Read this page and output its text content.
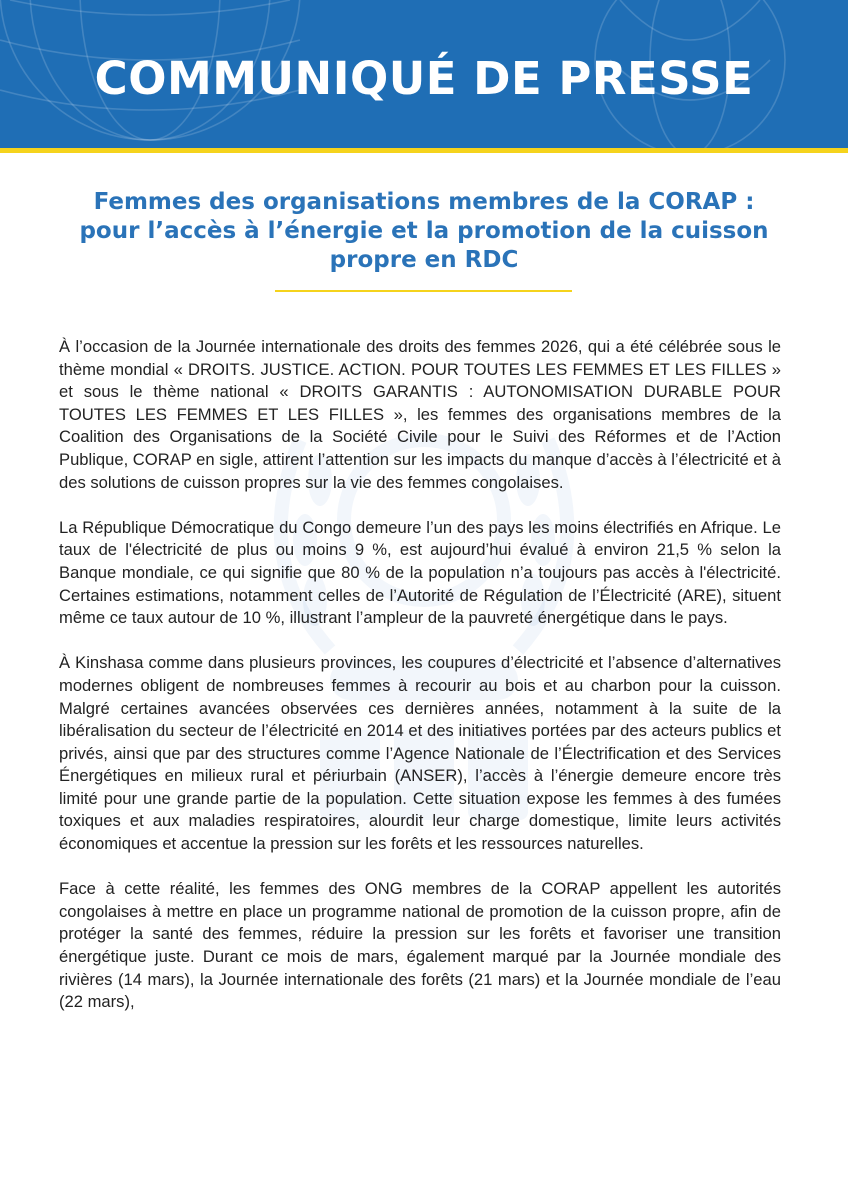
COMMUNIQUÉ DE PRESSE
Femmes des organisations membres de la CORAP :
pour l’accès à l’énergie et la promotion de la cuisson
propre en RDC

À l’occasion de la Journée internationale des droits des femmes 2026, qui a été célébrée sous le thème mondial « DROITS. JUSTICE. ACTION. POUR TOUTES LES FEMMES ET LES FILLES » et sous le thème national « DROITS GARANTIS : AUTONOMISATION DURABLE POUR TOUTES LES FEMMES ET LES FILLES », les femmes des organisations membres de la Coalition des Organisations de la Société Civile pour le Suivi des Réformes et de l’Action Publique, CORAP en sigle, attirent l’attention sur les impacts du manque d’accès à l’électricité et à des solutions de cuisson propres sur la vie des femmes congolaises.

La République Démocratique du Congo demeure l’un des pays les moins électrifiés en Afrique. Le taux de l'électricité de plus ou moins 9 %, est aujourd’hui évalué à environ 21,5 % selon la Banque mondiale, ce qui signifie que 80 % de la population n’a toujours pas accès à l'électricité. Certaines estimations, notamment celles de l’Autorité de Régulation de l’Électricité (ARE), situent même ce taux autour de 10 %, illustrant l’ampleur de la pauvreté énergétique dans le pays.

À Kinshasa comme dans plusieurs provinces, les coupures d’électricité et l’absence d’alternatives modernes obligent de nombreuses femmes à recourir au bois et au charbon pour la cuisson. Malgré certaines avancées observées ces dernières années, notamment à la suite de la libéralisation du secteur de l’électricité en 2014 et des initiatives portées par des acteurs publics et privés, ainsi que par des structures comme l’Agence Nationale de l’Électrification et des Services Énergétiques en milieux rural et périurbain (ANSER), l’accès à l’énergie demeure encore très limité pour une grande partie de la population. Cette situation expose les femmes à des fumées toxiques et aux maladies respiratoires, alourdit leur charge domestique, limite leurs activités économiques et accentue la pression sur les forêts et les ressources naturelles.

Face à cette réalité, les femmes des ONG membres de la CORAP appellent les autorités congolaises à mettre en place un programme national de promotion de la cuisson propre, afin de protéger la santé des femmes, réduire la pression sur les forêts et favoriser une transition énergétique juste. Durant ce mois de mars, également marqué par la Journée mondiale des rivières (14 mars), la Journée internationale des forêts (21 mars) et la Journée mondiale de l’eau (22 mars),
